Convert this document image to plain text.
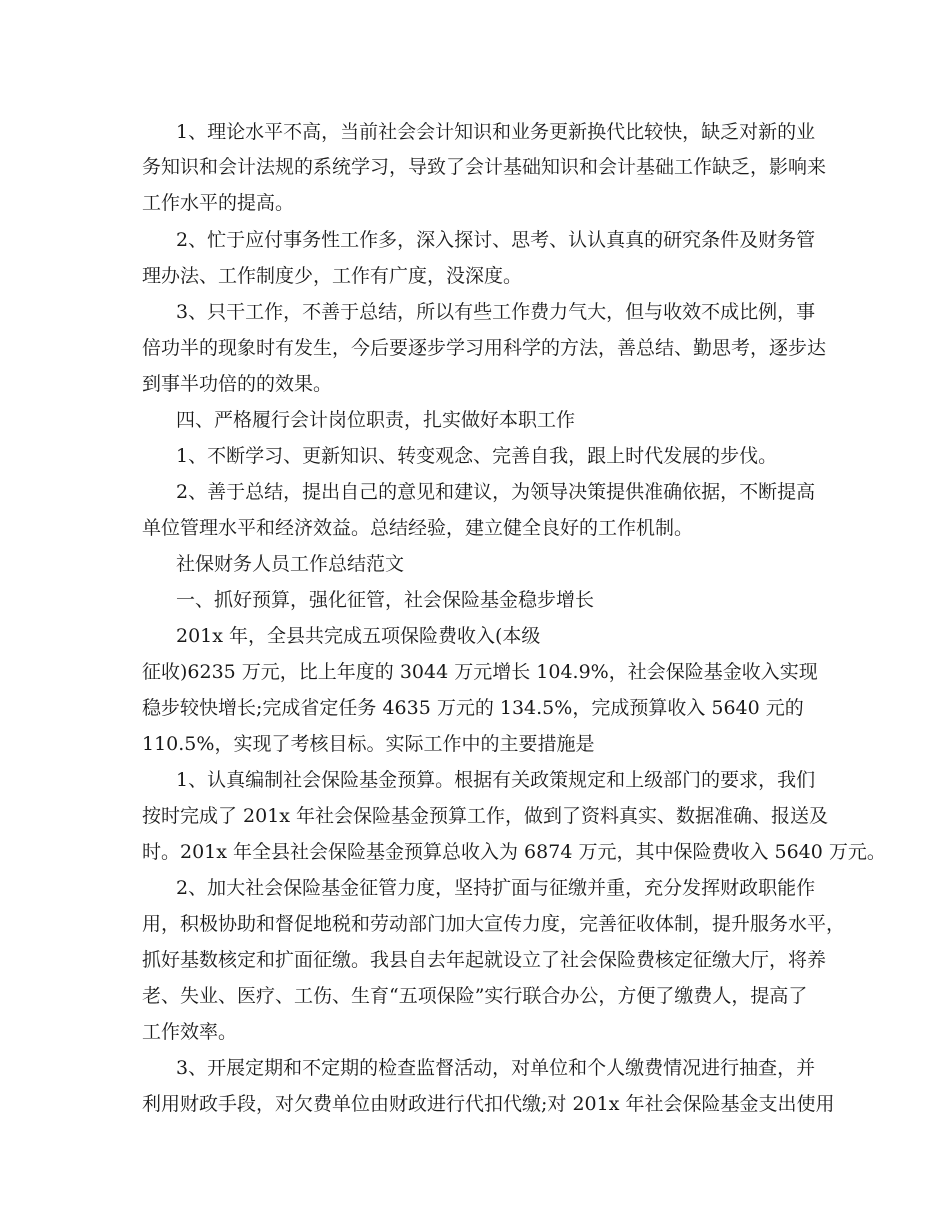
1、理论水平不高，当前社会会计知识和业务更新换代比较快，缺乏对新的业
务知识和会计法规的系统学习，导致了会计基础知识和会计基础工作缺乏，影响来
工作水平的提高。
2、忙于应付事务性工作多，深入探讨、思考、认认真真的研究条件及财务管
理办法、工作制度少，工作有广度，没深度。
3、只干工作，不善于总结，所以有些工作费力气大，但与收效不成比例，事
倍功半的现象时有发生，今后要逐步学习用科学的方法，善总结、勤思考，逐步达
到事半功倍的的效果。
四、严格履行会计岗位职责，扎实做好本职工作
1、不断学习、更新知识、转变观念、完善自我，跟上时代发展的步伐。
2、善于总结，提出自己的意见和建议，为领导决策提供准确依据，不断提高
单位管理水平和经济效益。总结经验，建立健全良好的工作机制。
社保财务人员工作总结范文
一、抓好预算，强化征管，社会保险基金稳步增长
201x 年，全县共完成五项保险费收入(本级
征收)6235 万元，比上年度的 3044 万元增长 104.9%，社会保险基金收入实现
稳步较快增长;完成省定任务 4635 万元的 134.5%，完成预算收入 5640 元的
110.5%，实现了考核目标。实际工作中的主要措施是
1、认真编制社会保险基金预算。根据有关政策规定和上级部门的要求，我们
按时完成了 201x 年社会保险基金预算工作，做到了资料真实、数据准确、报送及
时。201x 年全县社会保险基金预算总收入为 6874 万元，其中保险费收入 5640 万元。
2、加大社会保险基金征管力度，坚持扩面与征缴并重，充分发挥财政职能作
用，积极协助和督促地税和劳动部门加大宣传力度，完善征收体制，提升服务水平，
抓好基数核定和扩面征缴。我县自去年起就设立了社会保险费核定征缴大厅，将养
老、失业、医疗、工伤、生育“五项保险”实行联合办公，方便了缴费人，提高了
工作效率。
3、开展定期和不定期的检查监督活动，对单位和个人缴费情况进行抽查，并
利用财政手段，对欠费单位由财政进行代扣代缴;对 201x 年社会保险基金支出使用
